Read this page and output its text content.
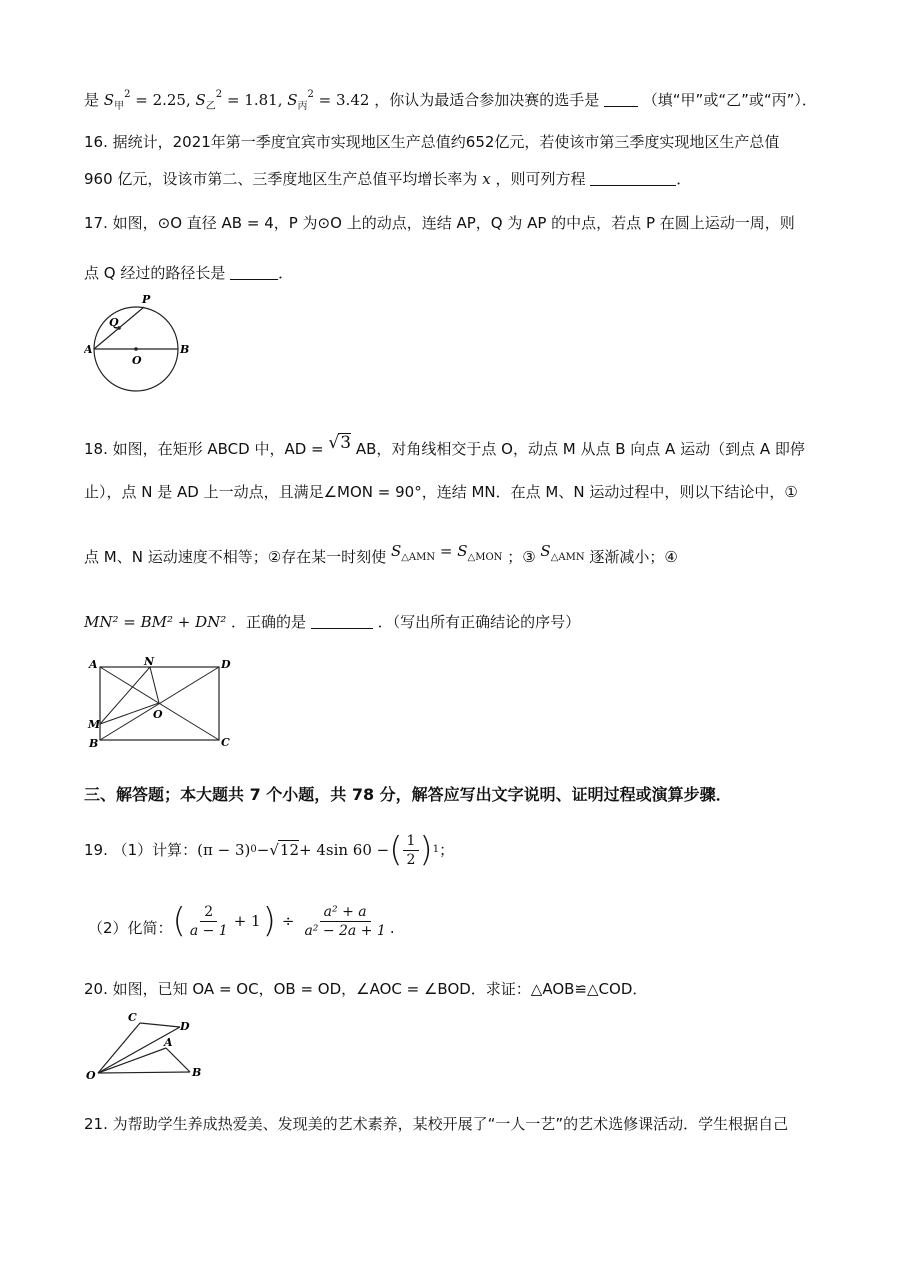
是 $S_甲^2 = 2.25$, $S_乙^2 = 1.81$, $S_丙^2 = 3.42$ ，你认为最适合参加决赛的选手是	（填“甲”或“乙”或“丙”）．
16. 据统计，2021年第一季度宜宾市实现地区生产总值约652亿元，若使该市第三季度实现地区生产总值
960 亿元，设该市第二、三季度地区生产总值平均增长率为 x ，则可列方程	．
17. 如图，⊙O 直径 AB = 4，P 为⊙O 上的动点，连结 AP，Q 为 AP 的中点，若点 P 在圆上运动一周，则
点 Q 经过的路径长是	．
P
Q
A
O
B
18. 如图，在矩形 ABCD 中，AD = √3 AB，对角线相交于点 O，动点 M 从点 B 向点 A 运动（到点 A 即停
止），点 N 是 AD 上一动点，且满足∠MON = 90°，连结 MN．在点 M、N 运动过程中，则以下结论中，①
点 M、N 运动速度不相等；②存在某一时刻使 $S_{\triangle AMN} = S_{\triangle MON}$ ；③ $S_{\triangle AMN}$ 逐渐减小；④
MN² = BM² + DN² ．正确的是	．（写出所有正确结论的序号）
A	N	D
M
O
B	C
三、解答题；本大题共 7 个小题，共 78 分，解答应写出文字说明、证明过程或演算步骤．
19. （1）计算： (π − 3) 0 − √12 + 4sin 60 − ( $\frac{1}{2}$ ) 1 ；
（2）化简： ( $\frac{2}{a - 1} + 1$ ) ÷ $\frac{\text{a² + a}}{\text{a² − 2a + 1}}$ .
20. 如图，已知 OA = OC，OB = OD，∠AOC = ∠BOD．求证：△AOB≌△COD．
C
D
A
O	B
21. 为帮助学生养成热爱美、发现美的艺术素养，某校开展了“一人一艺”的艺术选修课活动．学生根据自己
